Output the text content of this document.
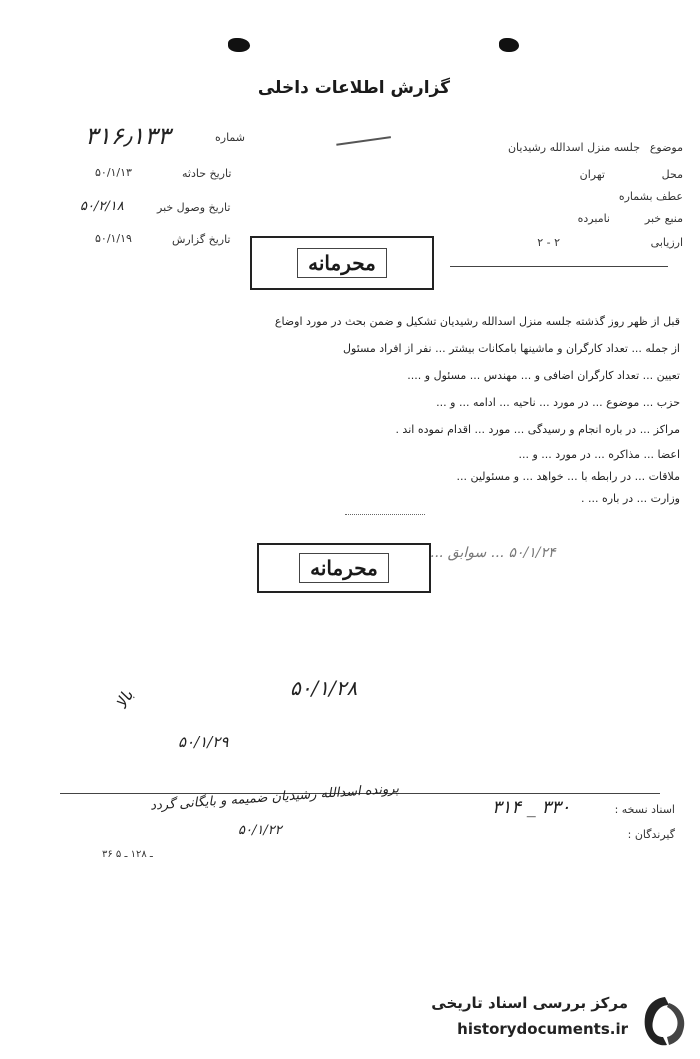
گزارش اطلاعات داخلی
شماره
۳۱۶٫۱۳۳
تاریخ حادثه
۵۰/۱/۱۳
تاریخ وصول خبر
۵۰/۲/۱۸
تاریخ گزارش
۵۰/۱/۱۹
موضوع
جلسه منزل اسدالله رشیدیان
محل
تهران
عطف بشماره
منبع خبر
نامبرده
ارزیابی
۲ - ۲
محرمانه
قبل از ظهر روز گذشته جلسه منزل اسدالله رشیدیان تشکیل و ضمن بحث در مورد اوضاع
از جمله ... تعداد کارگران و ماشینها بامکانات بیشتر ... نفر از افراد مسئول
تعیین ... تعداد کارگران اضافی و ... مهندس ... مسئول و ....
حزب ... موضوع ... در مورد ... ناحیه ... ادامه ... و ...
مراکز ... در باره انجام و رسیدگی ... مورد ... اقدام نموده اند .
اعضا ... مذاکره ... در مورد ... و ...
ملاقات ... در رابطه با ... خواهد ... و مسئولین ...
وزارت ... در باره ... .
محرمانه
۵۰/۱/۲۴ ... سوابق ...
۵۰/۱/۲۸
بالا
۵۰/۱/۲۹
اسناد نسخه :
۳۱۴ _ ۳۳۰
گیرندگان :
پرونده اسدالله رشیدیان ضمیمه و بایگانی گردد
۵۰/۱/۲۲
۳۶ ـ ۱۲۸ ـ ۵
مرکز بررسی اسناد تاریخی
historydocuments.ir
